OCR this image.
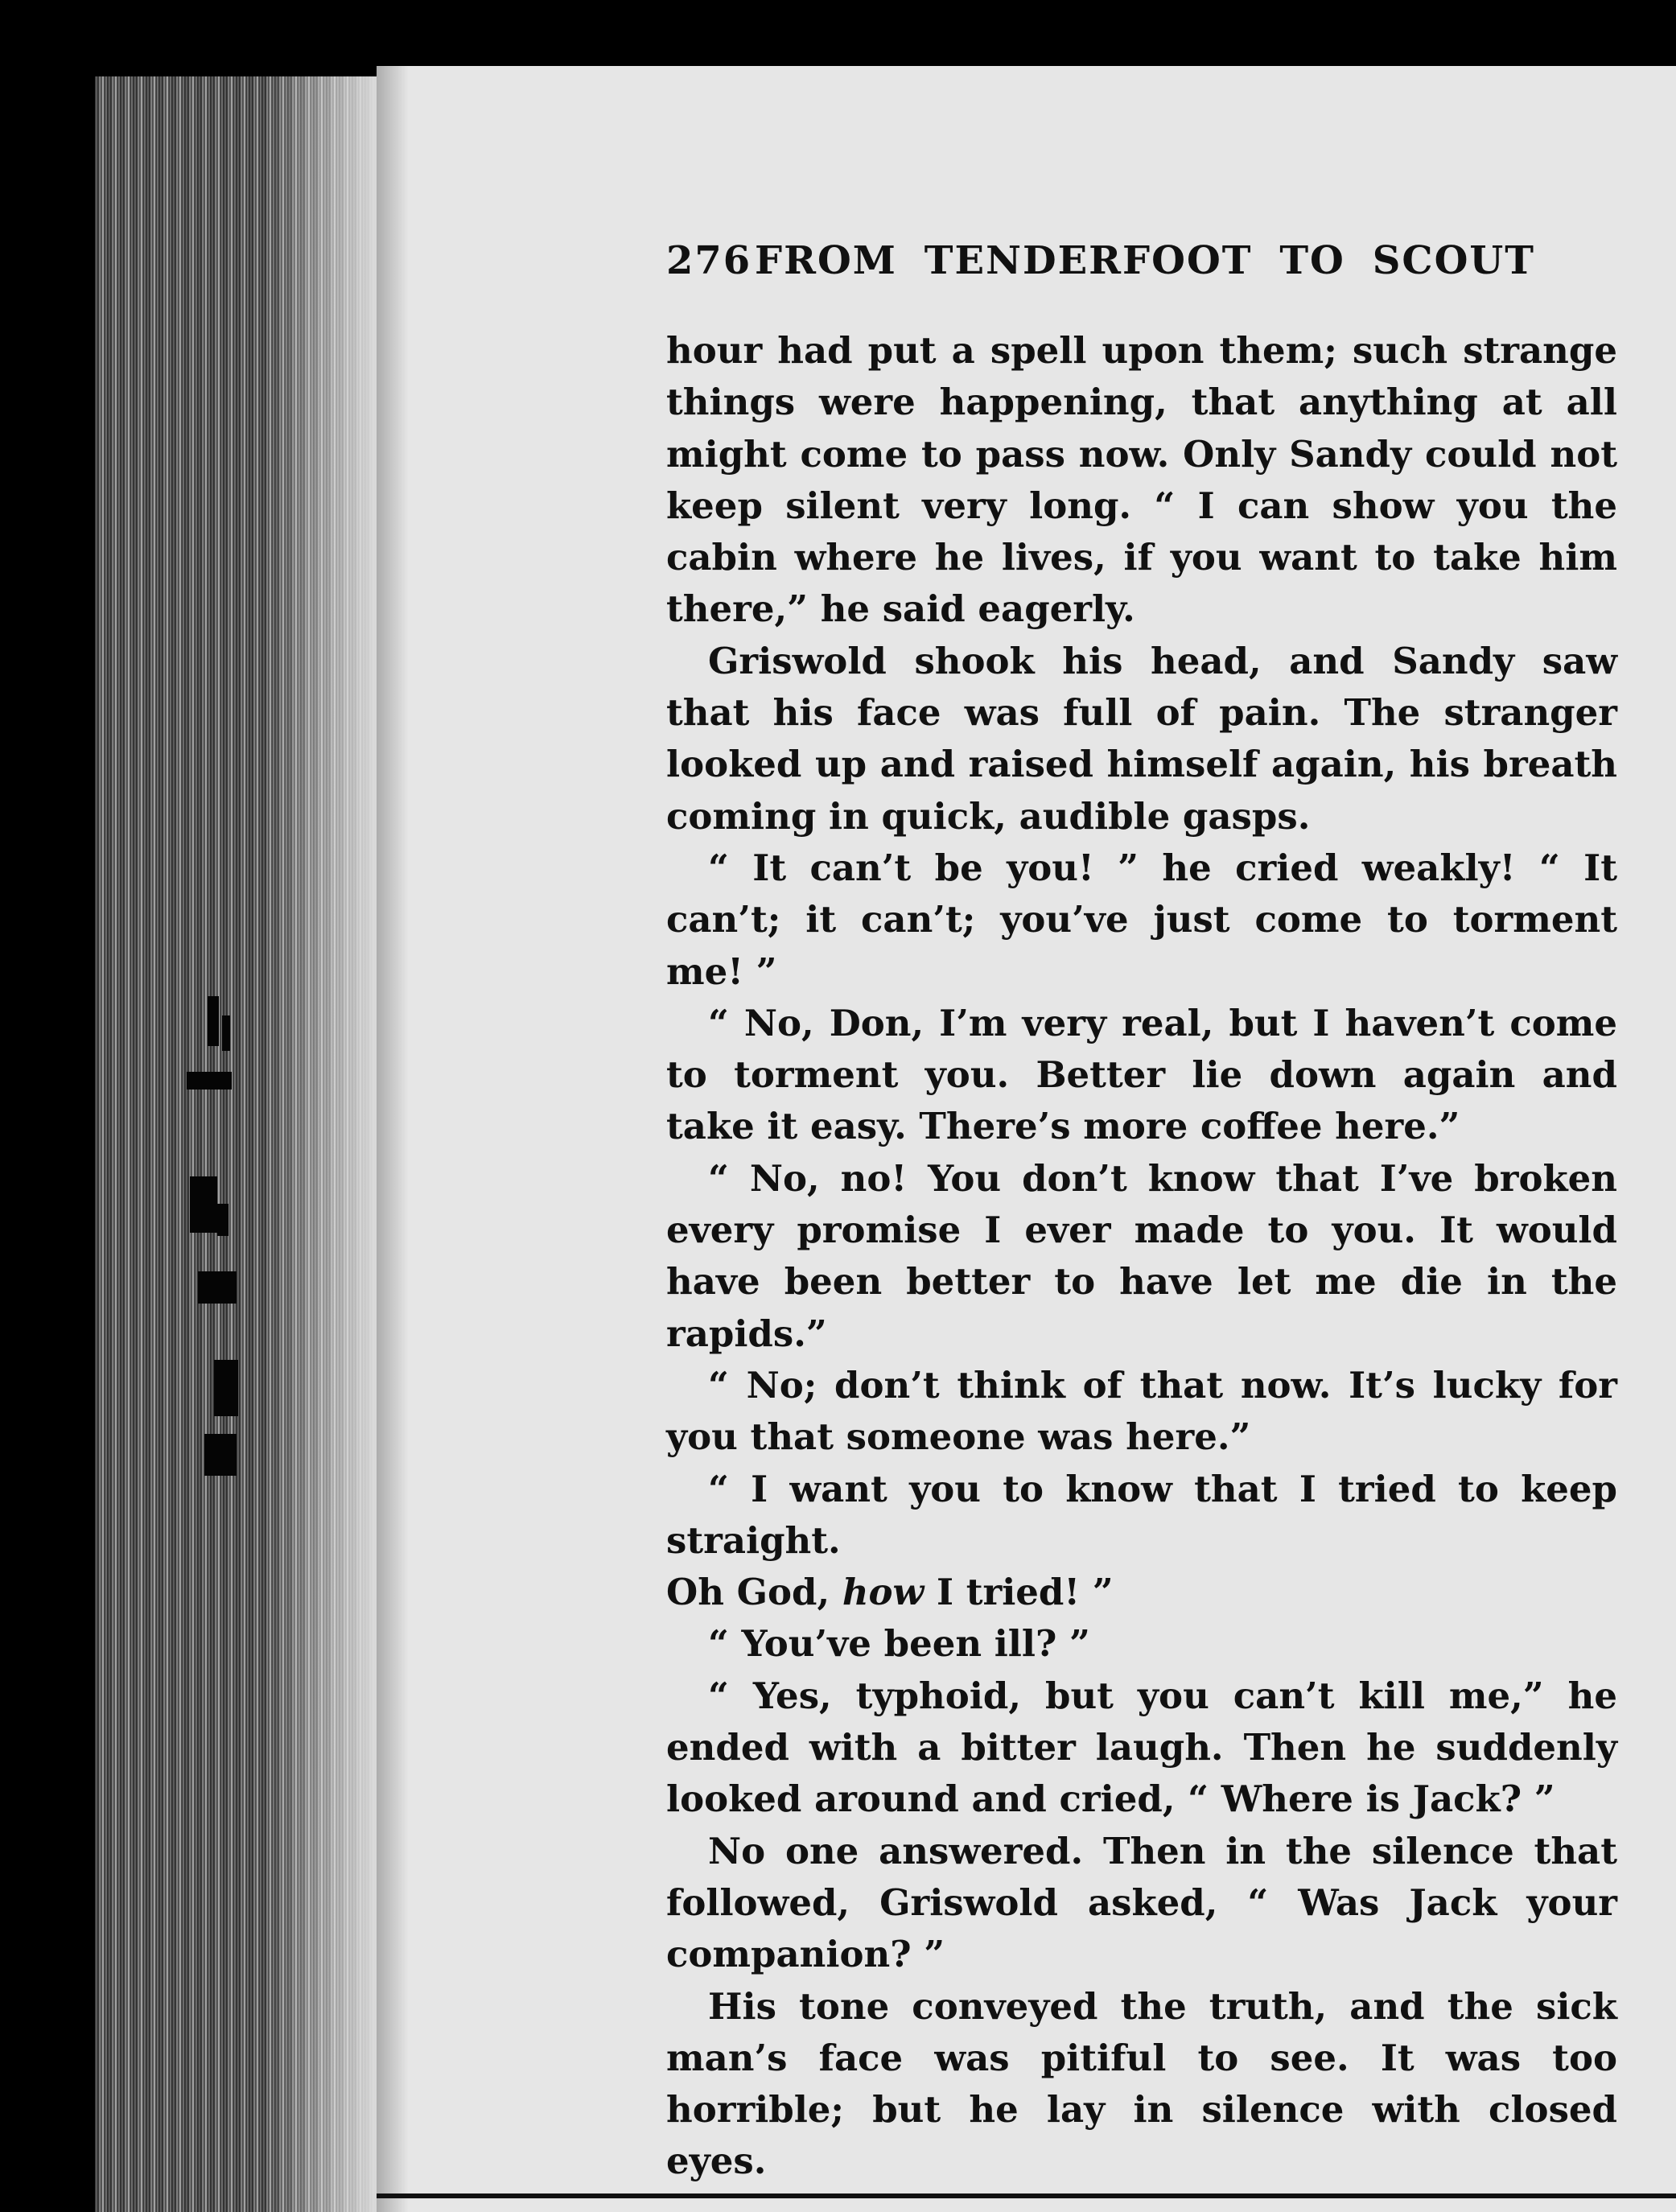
276 FROM TENDERFOOT TO SCOUT

hour had put a spell upon them; such strange things were happening, that anything at all might come to pass now. Only Sandy could not keep silent very long. “ I can show you the cabin where he lives, if you want to take him there,” he said eagerly.

Griswold shook his head, and Sandy saw that his face was full of pain. The stranger looked up and raised himself again, his breath coming in quick, audible gasps.

“ It can’t be you! ” he cried weakly! “ It can’t; it can’t; you’ve just come to torment me! ”

“ No, Don, I’m very real, but I haven’t come to torment you. Better lie down again and take it easy. There’s more coffee here.”

“ No, no! You don’t know that I’ve broken every promise I ever made to you. It would have been better to have let me die in the rapids.”

“ No; don’t think of that now. It’s lucky for you that someone was here.”

“ I want you to know that I tried to keep straight.

Oh God, how I tried! ”

“ You’ve been ill? ”

“ Yes, typhoid, but you can’t kill me,” he ended with a bitter laugh. Then he suddenly looked around and cried, “ Where is Jack? ”

No one answered. Then in the silence that followed, Griswold asked, “ Was Jack your companion? ”

His tone conveyed the truth, and the sick man’s face was pitiful to see. It was too horrible; but he lay in silence with closed eyes.
